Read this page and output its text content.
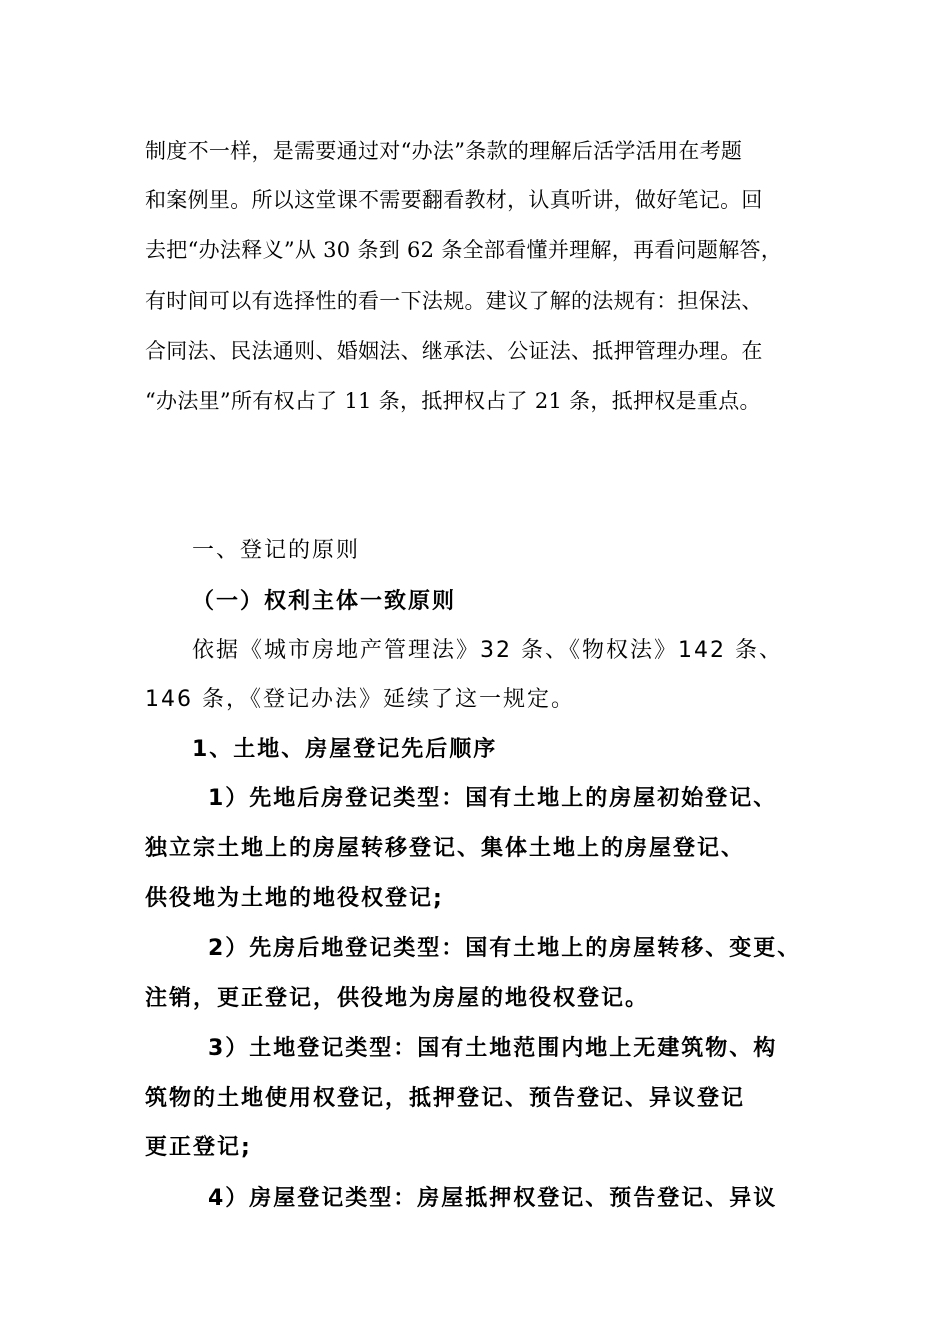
制度不一样，是需要通过对“办法”条款的理解后活学活用在考题
和案例里。所以这堂课不需要翻看教材，认真听讲，做好笔记。回
去把“办法释义”从 30 条到 62 条全部看懂并理解，再看问题解答，
有时间可以有选择性的看一下法规。建议了解的法规有：担保法、
合同法、民法通则、婚姻法、继承法、公证法、抵押管理办理。在
“办法里”所有权占了 11 条，抵押权占了 21 条，抵押权是重点。
一、登记的原则
（一）权利主体一致原则
依据《城市房地产管理法》32 条、《物权法》142 条、
146 条，《登记办法》延续了这一规定。
1、土地、房屋登记先后顺序
1）先地后房登记类型：国有土地上的房屋初始登记、
独立宗土地上的房屋转移登记、集体土地上的房屋登记、
供役地为土地的地役权登记;
2）先房后地登记类型：国有土地上的房屋转移、变更、
注销，更正登记，供役地为房屋的地役权登记。
3）土地登记类型：国有土地范围内地上无建筑物、构
筑物的土地使用权登记，抵押登记、预告登记、异议登记
更正登记;
4）房屋登记类型：房屋抵押权登记、预告登记、异议
